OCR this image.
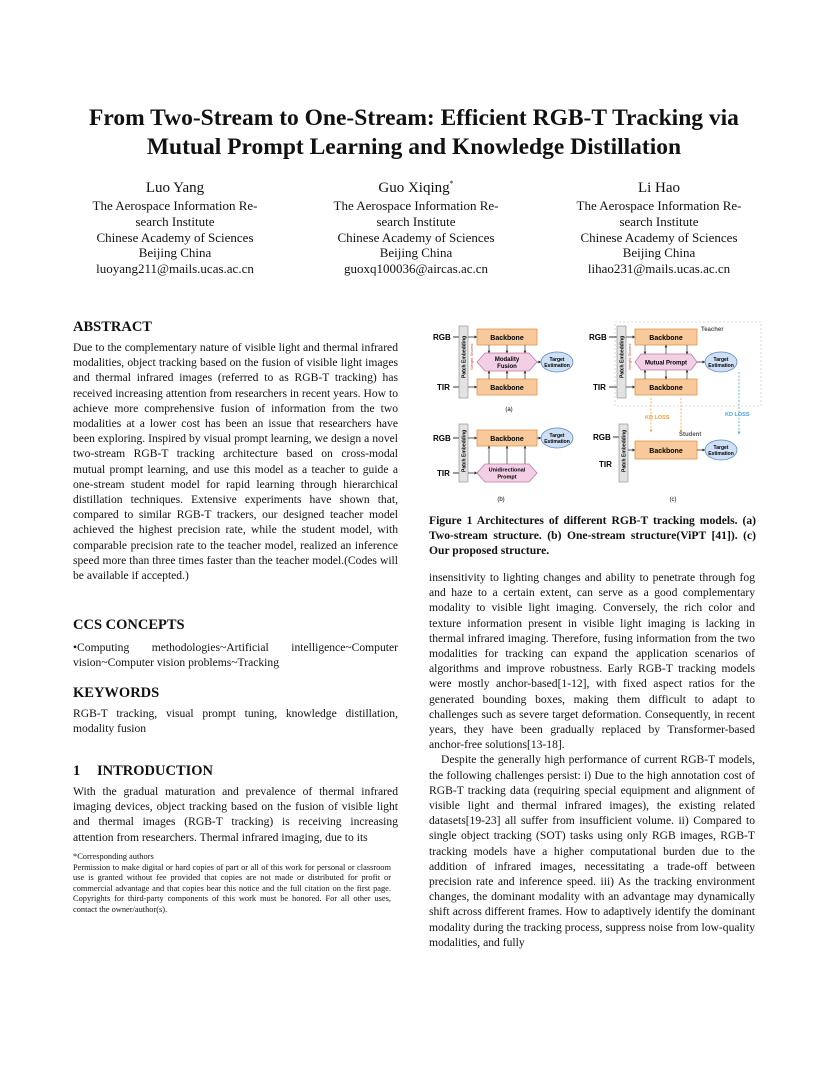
From Two-Stream to One-Stream: Efficient RGB-T Tracking via
Mutual Prompt Learning and Knowledge Distillation
Luo Yang
The Aerospace Information Re-
search Institute
Chinese Academy of Sciences
Beijing China
luoyang211@mails.ucas.ac.cn
Guo Xiqing*
The Aerospace Information Re-
search Institute
Chinese Academy of Sciences
Beijing China
guoxq100036@aircas.ac.cn
Li Hao
The Aerospace Information Re-
search Institute
Chinese Academy of Sciences
Beijing China
lihao231@mails.ucas.ac.cn
ABSTRACT

Due to the complementary nature of visible light and thermal infrared modalities, object tracking based on the fusion of visible light images and thermal infrared images (referred to as RGB-T tracking) has received increasing attention from researchers in recent years. How to achieve more comprehensive fusion of information from the two modalities at a lower cost has been an issue that researchers have been exploring. Inspired by visual prompt learning, we design a novel two-stream RGB-T tracking architecture based on cross-modal mutual prompt learning, and use this model as a teacher to guide a one-stream student model for rapid learning through hierarchical distillation techniques. Extensive experiments have shown that, compared to similar RGB-T trackers, our designed teacher model achieved the highest precision rate, while the student model, with comparable precision rate to the teacher model, realized an inference speed more than three times faster than the teacher model.(Codes will be available if accepted.)

CCS CONCEPTS

•Computing methodologies~Artificial intelligence~Computer vision~Computer vision problems~Tracking

KEYWORDS

RGB-T tracking, visual prompt tuning, knowledge distillation, modality fusion

1 INTRODUCTION

With the gradual maturation and prevalence of thermal infrared imaging devices, object tracking based on the fusion of visible light and thermal images (RGB-T tracking) is receiving increasing attention from researchers. Thermal infrared imaging, due to its

*Corresponding authors
Permission to make digital or hard copies of part or all of this work for personal or classroom use is granted without fee provided that copies are not made or distributed for profit or commercial advantage and that copies bear this notice and the full citation on the first page. Copyrights for third-party components of this work must be honored. For all other uses, contact the owner/author(s).
RGB
TIR
Patch Embedding Weight Shared
Backbone
Backbone
Modality
Fusion
Target
Estimation
(a)
RGB
TIR
Patch Embedding	Backbone
Unidirectional
Prompt
Target
Estimation
(b)
Teacher
RGB
TIR
Patch Embedding Weight Shared
Backbone
Backbone
Mutual Prompt
Target
Estimation
KD LOSS	KD LOSS
Student
RGB
TIR Patch Embedding	Backbone	Target
Estimation
(c)
Figure 1 Architectures of different RGB-T tracking models. (a) Two-stream structure. (b) One-stream structure(ViPT [41]). (c) Our proposed structure.

insensitivity to lighting changes and ability to penetrate through fog and haze to a certain extent, can serve as a good complementary modality to visible light imaging. Conversely, the rich color and texture information present in visible light imaging is lacking in thermal infrared imaging. Therefore, fusing information from the two modalities for tracking can expand the application scenarios of algorithms and improve robustness. Early RGB-T tracking models were mostly anchor-based[1-12], with fixed aspect ratios for the generated bounding boxes, making them difficult to adapt to challenges such as severe target deformation. Consequently, in recent years, they have been gradually replaced by Transformer-based anchor-free solutions[13-18].

Despite the generally high performance of current RGB-T models, the following challenges persist: i) Due to the high annotation cost of RGB-T tracking data (requiring special equipment and alignment of visible light and thermal infrared images), the existing related datasets[19-23] all suffer from insufficient volume. ii) Compared to single object tracking (SOT) tasks using only RGB images, RGB-T tracking models have a higher computational burden due to the addition of infrared images, necessitating a trade-off between precision rate and inference speed. iii) As the tracking environment changes, the dominant modality with an advantage may dynamically shift across different frames. How to adaptively identify the dominant modality during the tracking process, suppress noise from low-quality modalities, and fully
